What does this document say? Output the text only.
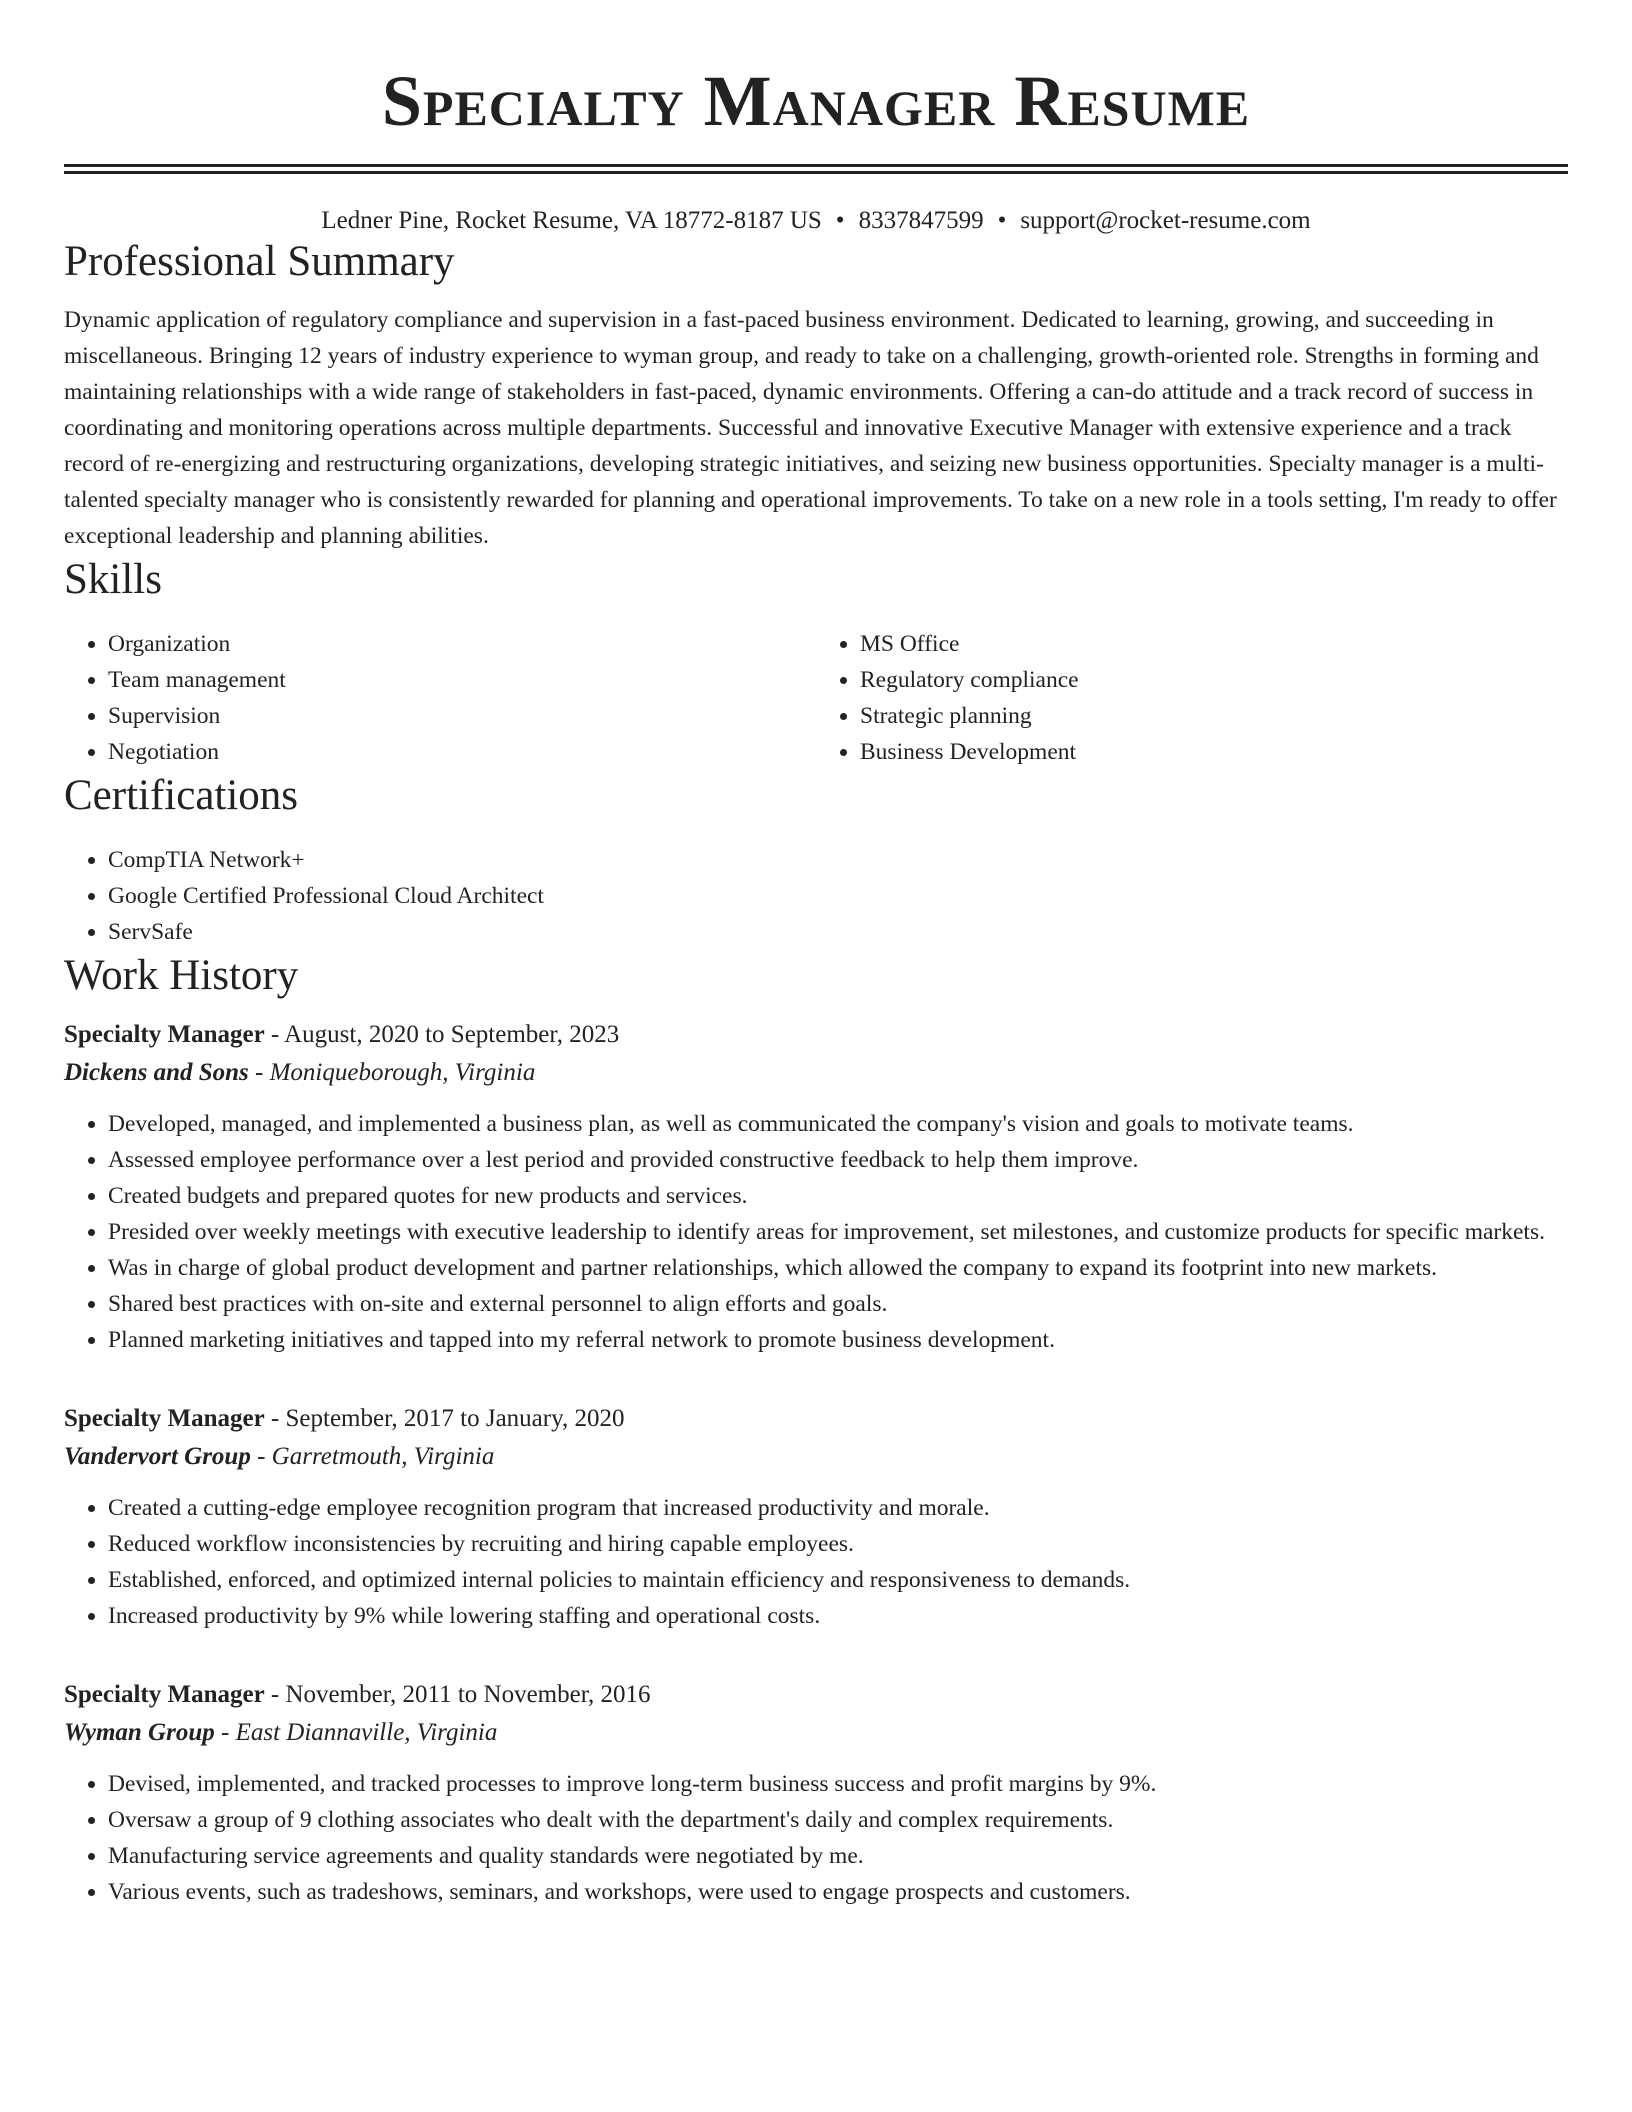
Specialty Manager Resume
Ledner Pine, Rocket Resume, VA 18772-8187 US • 8337847599 • support@rocket-resume.com
Professional Summary

Dynamic application of regulatory compliance and supervision in a fast-paced business environment. Dedicated to learning, growing, and succeeding in miscellaneous. Bringing 12 years of industry experience to wyman group, and ready to take on a challenging, growth-oriented role. Strengths in forming and maintaining relationships with a wide range of stakeholders in fast-paced, dynamic environments. Offering a can-do attitude and a track record of success in coordinating and monitoring operations across multiple departments. Successful and innovative Executive Manager with extensive experience and a track record of re-energizing and restructuring organizations, developing strategic initiatives, and seizing new business opportunities. Specialty manager is a multi-talented specialty manager who is consistently rewarded for planning and operational improvements. To take on a new role in a tools setting, I'm ready to offer exceptional leadership and planning abilities.

Skills
• Organization
• Team management
• Supervision
• Negotiation
• MS Office
• Regulatory compliance
• Strategic planning
• Business Development
Certifications
• CompTIA Network+
• Google Certified Professional Cloud Architect
• ServSafe
Work History
Specialty Manager - August, 2020 to September, 2023
Dickens and Sons - Moniqueborough, Virginia
• Developed, managed, and implemented a business plan, as well as communicated the company's vision and goals to motivate teams.
• Assessed employee performance over a lest period and provided constructive feedback to help them improve.
• Created budgets and prepared quotes for new products and services.
• Presided over weekly meetings with executive leadership to identify areas for improvement, set milestones, and customize products for specific markets.
• Was in charge of global product development and partner relationships, which allowed the company to expand its footprint into new markets.
• Shared best practices with on-site and external personnel to align efforts and goals.
• Planned marketing initiatives and tapped into my referral network to promote business development.
Specialty Manager - September, 2017 to January, 2020
Vandervort Group - Garretmouth, Virginia
• Created a cutting-edge employee recognition program that increased productivity and morale.
• Reduced workflow inconsistencies by recruiting and hiring capable employees.
• Established, enforced, and optimized internal policies to maintain efficiency and responsiveness to demands.
• Increased productivity by 9% while lowering staffing and operational costs.
Specialty Manager - November, 2011 to November, 2016
Wyman Group - East Diannaville, Virginia
• Devised, implemented, and tracked processes to improve long-term business success and profit margins by 9%.
• Oversaw a group of 9 clothing associates who dealt with the department's daily and complex requirements.
• Manufacturing service agreements and quality standards were negotiated by me.
• Various events, such as tradeshows, seminars, and workshops, were used to engage prospects and customers.
